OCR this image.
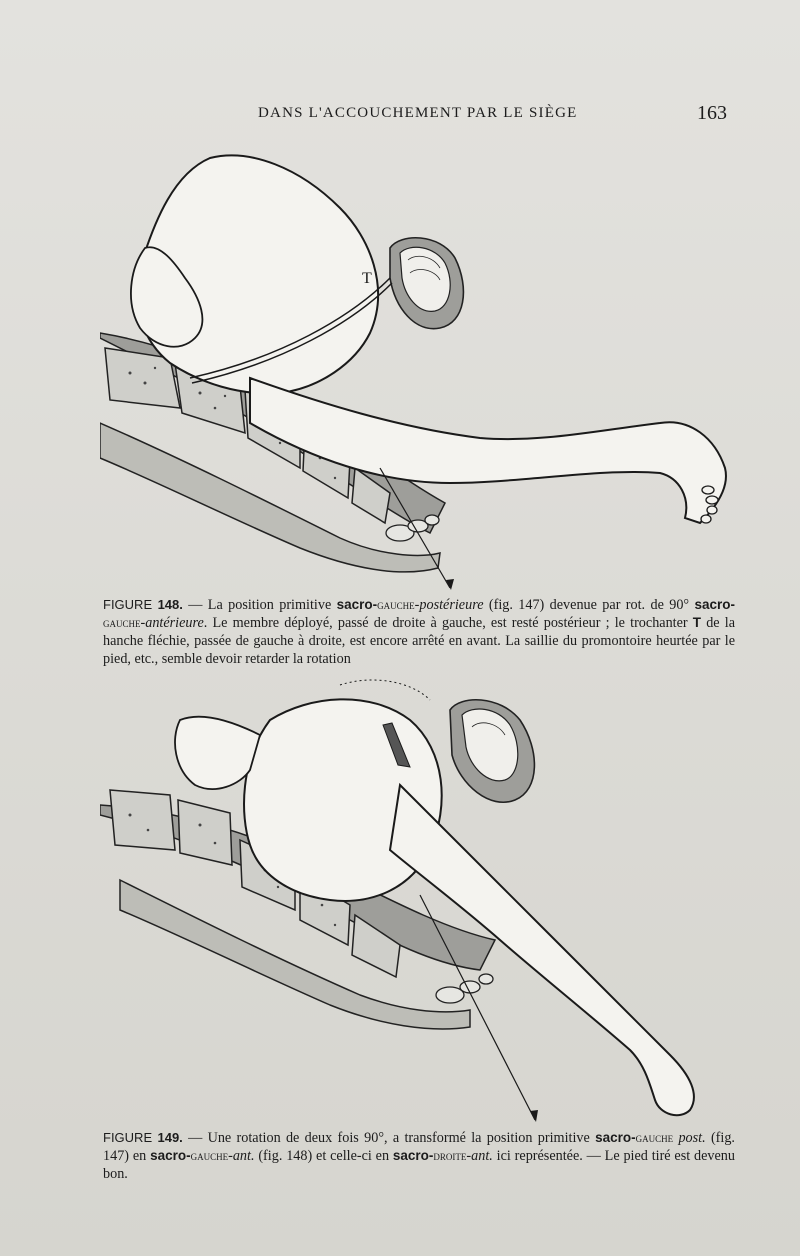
DANS L'ACCOUCHEMENT PAR LE SIÈGE	163
T

FIGURE 148. — La position primitive sacro-gauche-postérieure (fig. 147) devenue par rot. de 90° sacro-gauche-antérieure. Le membre déployé, passé de droite à gauche, est resté postérieur ; le trochanter T de la hanche fléchie, passée de gauche à droite, est encore arrêté en avant. La saillie du promontoire heurtée par le pied, etc., semble devoir retarder la rotation

FIGURE 149. — Une rotation de deux fois 90°, a transformé la position primitive sacro-gauche post. (fig. 147) en sacro-gauche-ant. (fig. 148) et celle-ci en sacro-droite-ant. ici représentée. — Le pied tiré est devenu bon.
